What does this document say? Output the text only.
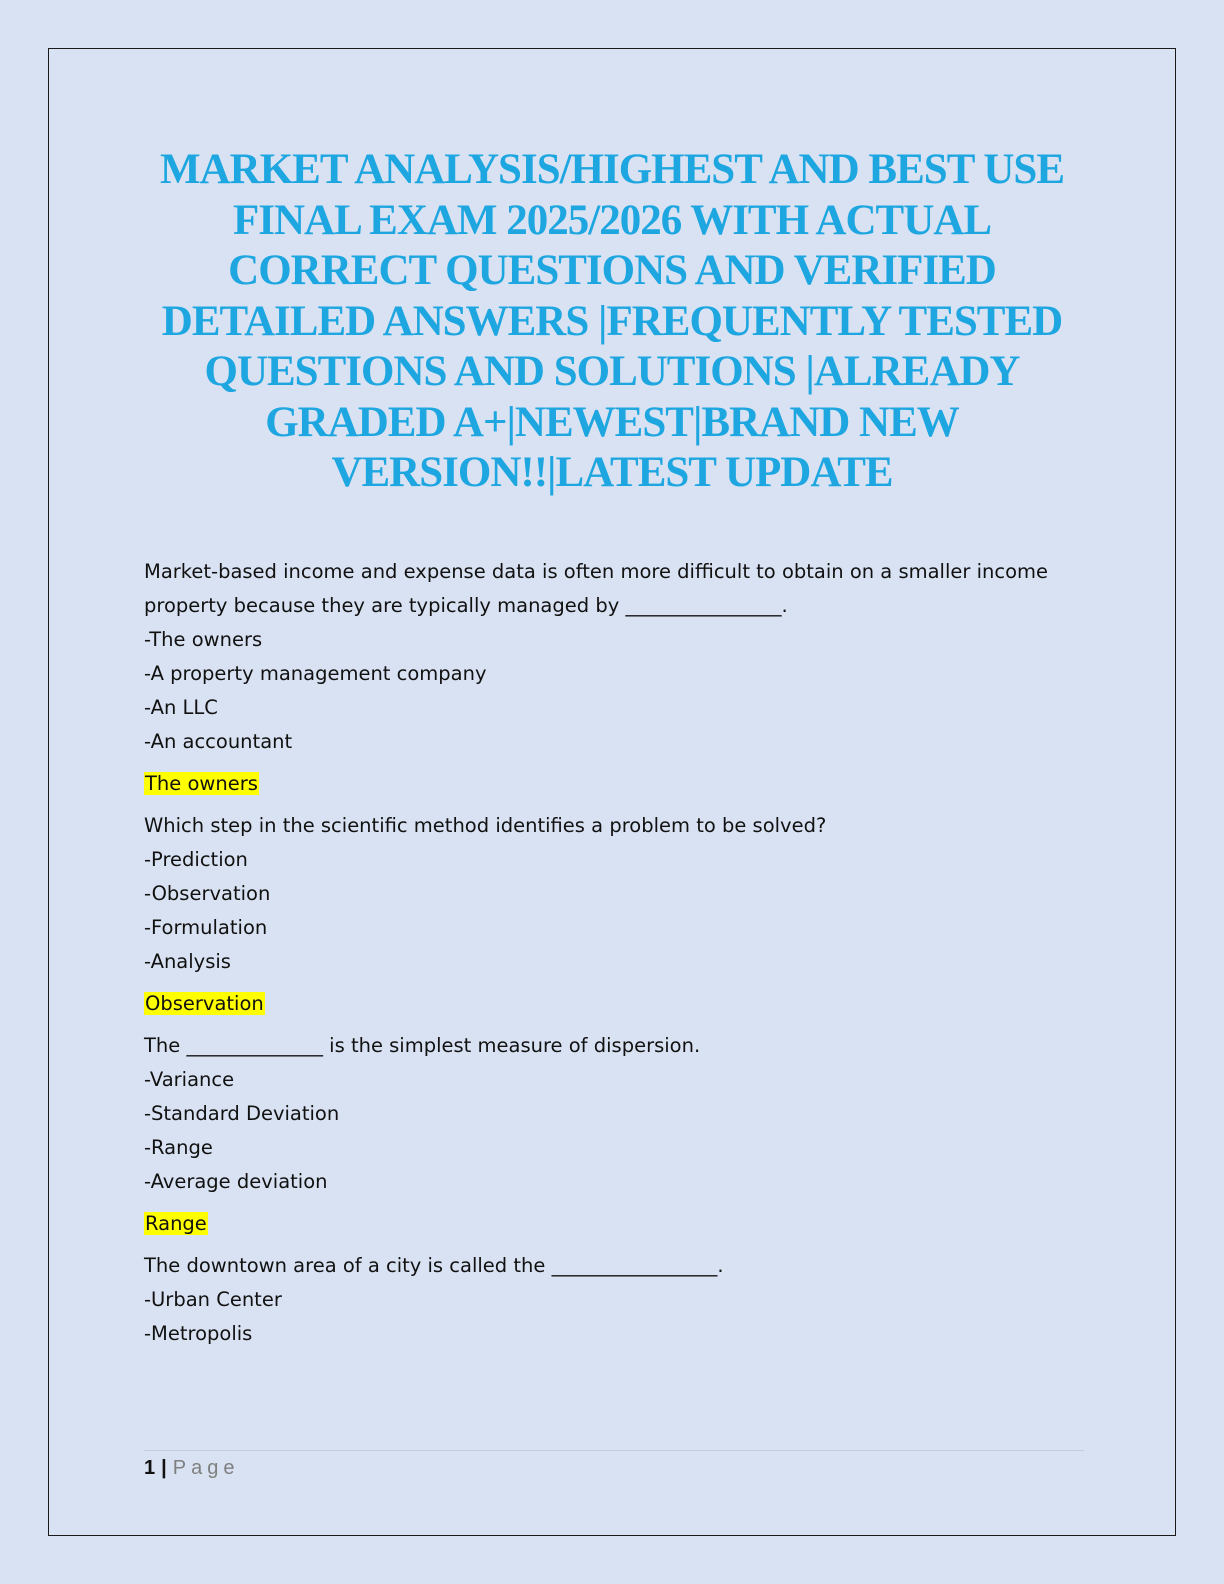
MARKET ANALYSIS/HIGHEST AND BEST USE
FINAL EXAM 2025/2026 WITH ACTUAL
CORRECT QUESTIONS AND VERIFIED
DETAILED ANSWERS |FREQUENTLY TESTED
QUESTIONS AND SOLUTIONS |ALREADY
GRADED A+|NEWEST|BRAND NEW
VERSION!!|LATEST UPDATE
Market-based income and expense data is often more difficult to obtain on a smaller income
property because they are typically managed by ________________.
-The owners
-A property management company
-An LLC
-An accountant
The owners
Which step in the scientific method identifies a problem to be solved?
-Prediction
-Observation
-Formulation
-Analysis
Observation
The ______________ is the simplest measure of dispersion.
-Variance
-Standard Deviation
-Range
-Average deviation
Range
The downtown area of a city is called the _________________.
-Urban Center
-Metropolis
1 | Page
